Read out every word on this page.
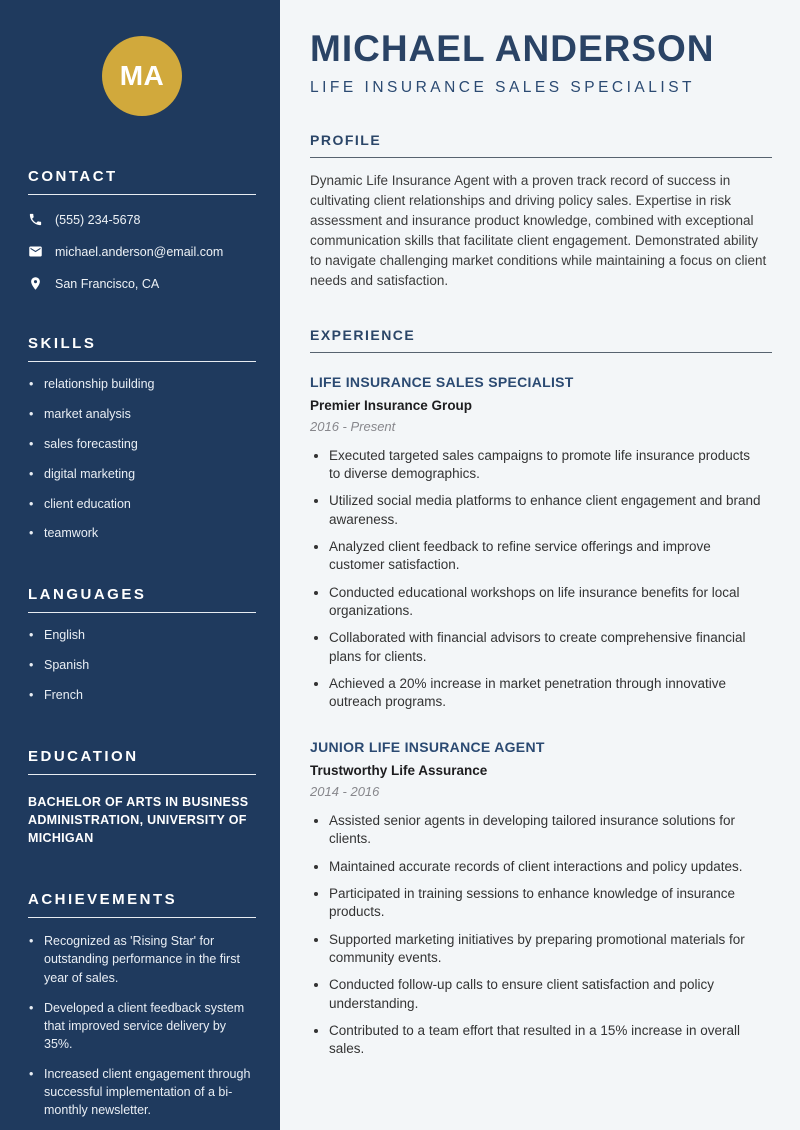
MA
CONTACT
(555) 234-5678
michael.anderson@email.com
San Francisco, CA
SKILLS
• relationship building
• market analysis
• sales forecasting
• digital marketing
• client education
• teamwork
LANGUAGES
• English
• Spanish
• French
EDUCATION
BACHELOR OF ARTS IN BUSINESS ADMINISTRATION, UNIVERSITY OF MICHIGAN
ACHIEVEMENTS
• Recognized as 'Rising Star' for outstanding performance in the first year of sales.
• Developed a client feedback system that improved service delivery by 35%.
• Increased client engagement through successful implementation of a bi-monthly newsletter.
MICHAEL ANDERSON
LIFE INSURANCE SALES SPECIALIST
PROFILE

Dynamic Life Insurance Agent with a proven track record of success in cultivating client relationships and driving policy sales. Expertise in risk assessment and insurance product knowledge, combined with exceptional communication skills that facilitate client engagement. Demonstrated ability to navigate challenging market conditions while maintaining a focus on client needs and satisfaction.

EXPERIENCE
LIFE INSURANCE SALES SPECIALIST
Premier Insurance Group
2016 - Present
• Executed targeted sales campaigns to promote life insurance products to diverse demographics.
• Utilized social media platforms to enhance client engagement and brand awareness.
• Analyzed client feedback to refine service offerings and improve customer satisfaction.
• Conducted educational workshops on life insurance benefits for local organizations.
• Collaborated with financial advisors to create comprehensive financial plans for clients.
• Achieved a 20% increase in market penetration through innovative outreach programs.
JUNIOR LIFE INSURANCE AGENT
Trustworthy Life Assurance
2014 - 2016
• Assisted senior agents in developing tailored insurance solutions for clients.
• Maintained accurate records of client interactions and policy updates.
• Participated in training sessions to enhance knowledge of insurance products.
• Supported marketing initiatives by preparing promotional materials for community events.
• Conducted follow-up calls to ensure client satisfaction and policy understanding.
• Contributed to a team effort that resulted in a 15% increase in overall sales.
